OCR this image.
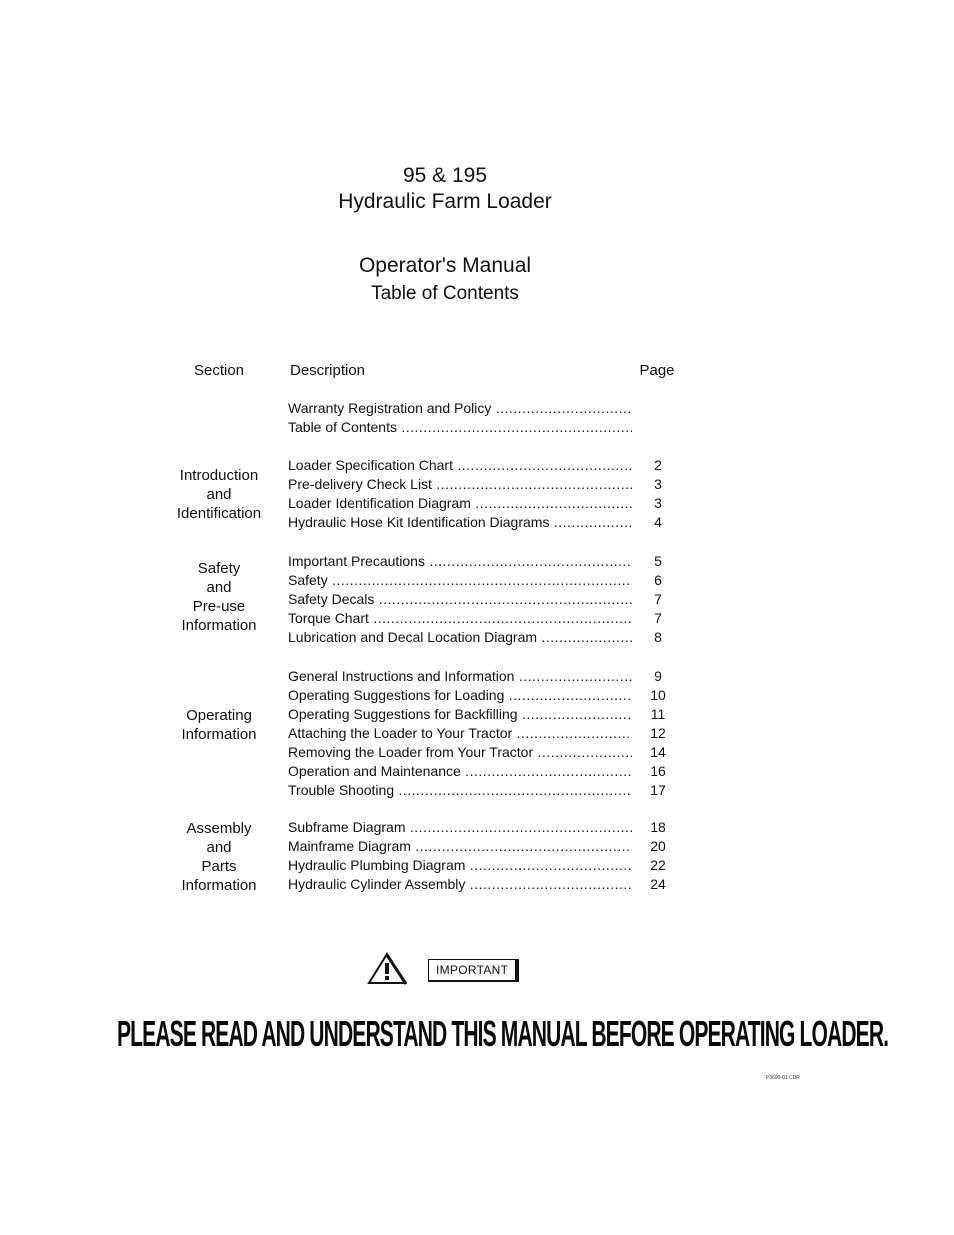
95 & 195
Hydraulic Farm Loader
Operator's Manual
Table of Contents
Section	Description	Page
Warranty Registration and Policy .....
Table of Contents .....
Introduction
and
Identification
Loader Specification Chart .....	2
Pre-delivery Check List .....	3
Loader Identification Diagram .....	3
Hydraulic Hose Kit Identification Diagrams .....	4
Safety
and
Pre-use
Information
Important Precautions .....	5
Safety .....	6
Safety Decals .....	7
Torque Chart .....	7
Lubrication and Decal Location Diagram .....	8
Operating
Information
General Instructions and Information .....	9
Operating Suggestions for Loading .....	10
Operating Suggestions for Backfilling .....	11
Attaching the Loader to Your Tractor .....	12
Removing the Loader from Your Tractor .....	14
Operation and Maintenance .....	16
Trouble Shooting .....	17
Assembly
and
Parts
Information
Subframe Diagram .....	18
Mainframe Diagram .....	20
Hydraulic Plumbing Diagram .....	22
Hydraulic Cylinder Assembly .....	24
IMPORTANT
PLEASE READ AND UNDERSTAND THIS MANUAL BEFORE OPERATING LOADER.
P3690-01.CDR
